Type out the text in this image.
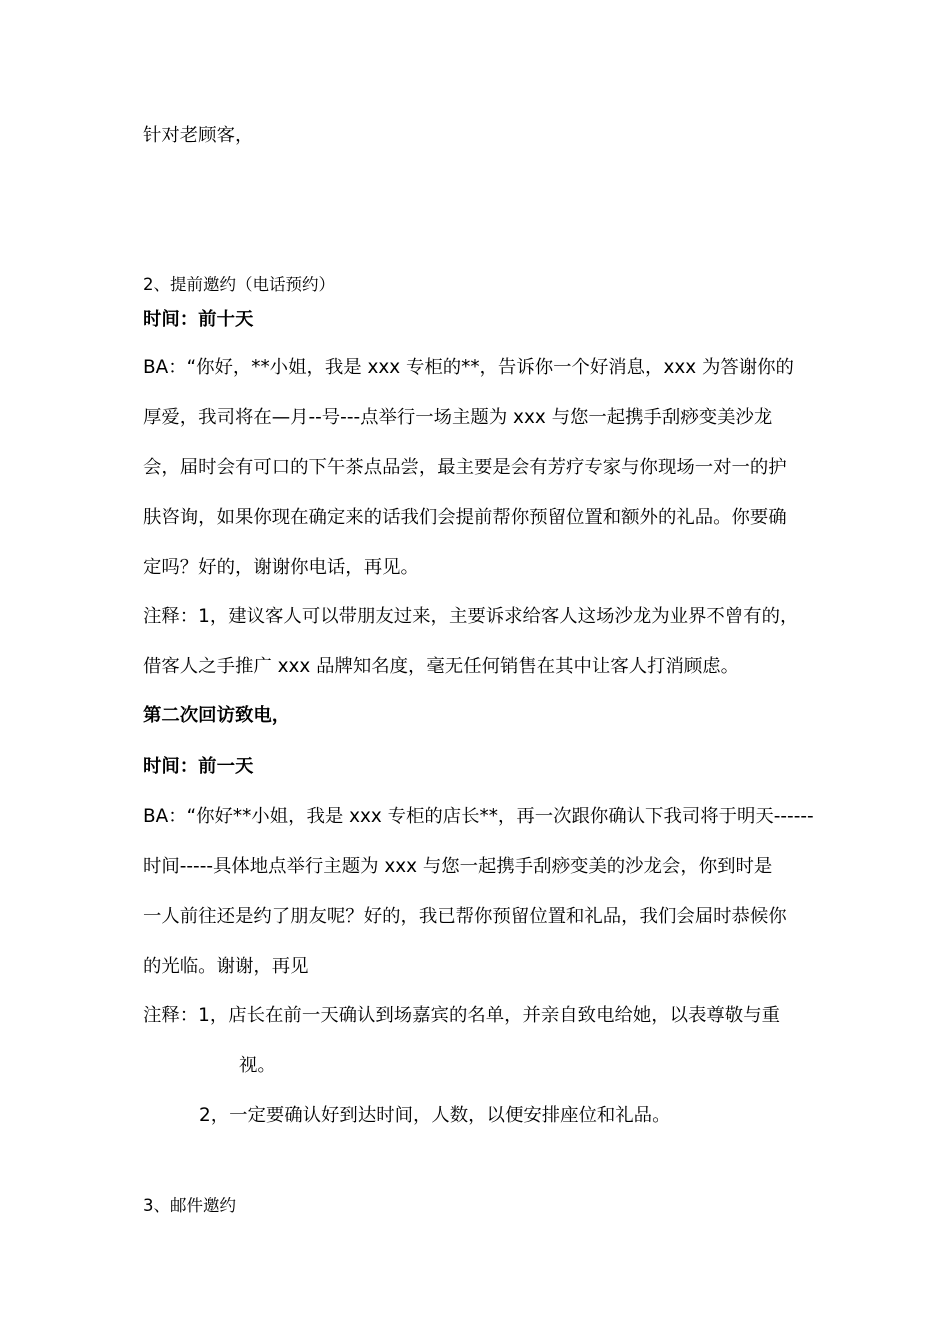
针对老顾客，
2、提前邀约（电话预约）
时间：前十天
BA：“你好，**小姐，我是 xxx 专柜的**，告诉你一个好消息，xxx 为答谢你的
厚爱，我司将在—月--号---点举行一场主题为 xxx 与您一起携手刮痧变美沙龙
会，届时会有可口的下午茶点品尝，最主要是会有芳疗专家与你现场一对一的护
肤咨询，如果你现在确定来的话我们会提前帮你预留位置和额外的礼品。你要确
定吗？好的，谢谢你电话，再见。
注释：1，建议客人可以带朋友过来，主要诉求给客人这场沙龙为业界不曾有的，
借客人之手推广 xxx 品牌知名度，毫无任何销售在其中让客人打消顾虑。
第二次回访致电，
时间：前一天
BA：“你好**小姐，我是 xxx 专柜的店长**，再一次跟你确认下我司将于明天------
时间-----具体地点举行主题为 xxx 与您一起携手刮痧变美的沙龙会，你到时是
一人前往还是约了朋友呢？好的，我已帮你预留位置和礼品，我们会届时恭候你
的光临。谢谢，再见
注释：1，店长在前一天确认到场嘉宾的名单，并亲自致电给她，以表尊敬与重
视。
2，一定要确认好到达时间，人数，以便安排座位和礼品。
3、邮件邀约
